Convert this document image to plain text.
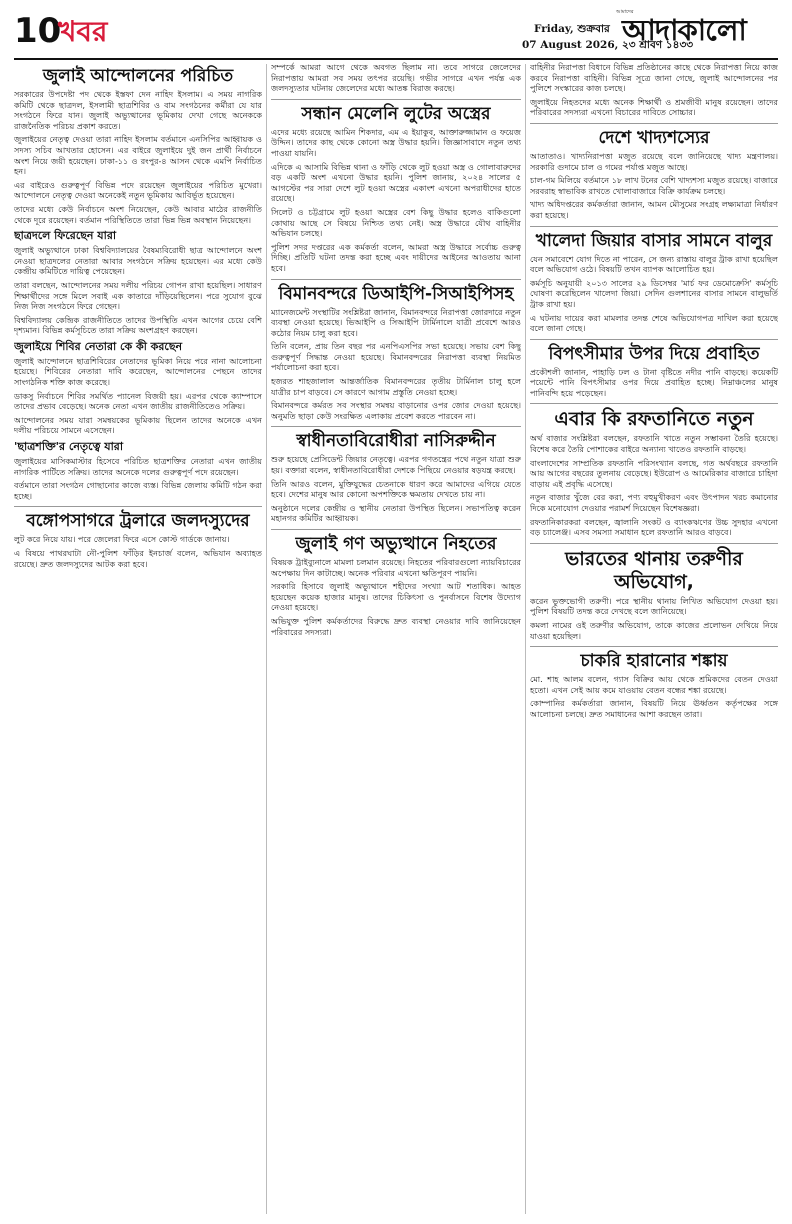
10
খবর	Friday, শুক্রবার
07 August 2026, ২৩ শ্রাবণ ১৪৩৩
আমাদের
আদাকালো
জুলাই আন্দোলনের পরিচিত

সরকারের উপদেষ্টা পদ থেকে ইস্তফা দেন নাহিদ ইসলাম। এ সময় নাগরিক কমিটি থেকে ছাত্রদল, ইসলামী ছাত্রশিবির ও বাম সংগঠনের কর্মীরা যে যার সংগঠনে ফিরে যান। জুলাই অভ্যুত্থানের ভূমিকায় দেখা গেছে অনেককে রাজনৈতিক পরিচয় প্রকাশ করতে।

জুলাইয়ের নেতৃত্ব দেওয়া তারা নাহিদ ইসলাম বর্তমানে এনসিপির আহ্বায়ক ও সদস্য সচিব আখতার হোসেন। এর বাইরে জুলাইয়ে দুই জন প্রার্থী নির্বাচনে অংশ নিয়ে জয়ী হয়েছেন। ঢাকা-১১ ও রংপুর-৪ আসন থেকে এমপি নির্বাচিত হন।

এর বাইরেও গুরুত্বপূর্ণ বিভিন্ন পদে রয়েছেন জুলাইয়ের পরিচিত মুখেরা। আন্দোলনে নেতৃত্ব দেওয়া অনেকেই নতুন ভূমিকায় আবির্ভূত হয়েছেন।

তাদের মধ্যে কেউ নির্বাচনে অংশ নিয়েছেন, কেউ আবার মাঠের রাজনীতি থেকে দূরে রয়েছেন। বর্তমান পরিস্থিতিতে তারা ভিন্ন ভিন্ন অবস্থান নিয়েছেন।

ছাত্রদলে ফিরেছেন যারা

জুলাই অভ্যুত্থানে ঢাকা বিশ্ববিদ্যালয়ের বৈষম্যবিরোধী ছাত্র আন্দোলনে অংশ নেওয়া ছাত্রদলের নেতারা আবার সংগঠনে সক্রিয় হয়েছেন। এর মধ্যে কেউ কেন্দ্রীয় কমিটিতে দায়িত্ব পেয়েছেন।

তারা বলছেন, আন্দোলনের সময় দলীয় পরিচয় গোপন রাখা হয়েছিল। সাধারণ শিক্ষার্থীদের সঙ্গে মিলে সবাই এক কাতারে দাঁড়িয়েছিলেন। পরে সুযোগ বুঝে নিজ নিজ সংগঠনে ফিরে গেছেন।

বিশ্ববিদ্যালয় কেন্দ্রিক রাজনীতিতে তাদের উপস্থিতি এখন আগের চেয়ে বেশি দৃশ্যমান। বিভিন্ন কর্মসূচিতে তারা সক্রিয় অংশগ্রহণ করছেন।

জুলাইয়ে শিবির নেতারা কে কী করছেন

জুলাই আন্দোলনে ছাত্রশিবিরের নেতাদের ভূমিকা নিয়ে পরে নানা আলোচনা হয়েছে। শিবিরের নেতারা দাবি করেছেন, আন্দোলনের পেছনে তাদের সাংগঠনিক শক্তি কাজ করেছে।

ডাকসু নির্বাচনে শিবির সমর্থিত প্যানেল বিজয়ী হয়। এরপর থেকে ক্যাম্পাসে তাদের প্রভাব বেড়েছে। অনেক নেতা এখন জাতীয় রাজনীতিতেও সক্রিয়।

আন্দোলনের সময় যারা সমন্বয়কের ভূমিকায় ছিলেন তাদের অনেকে এখন দলীয় পরিচয়ে সামনে এসেছেন।

'ছাত্রশক্তি'র নেতৃত্বে যারা

জুলাইয়ের মাসিকমাস্টার হিসেবে পরিচিত ছাত্রশক্তির নেতারা এখন জাতীয় নাগরিক পার্টিতে সক্রিয়। তাদের অনেকে দলের গুরুত্বপূর্ণ পদে রয়েছেন।

বর্তমানে তারা সংগঠন গোছানোর কাজে ব্যস্ত। বিভিন্ন জেলায় কমিটি গঠন করা হচ্ছে।

বঙ্গোপসাগরে ট্রলারে জলদস্যুদের

লুট করে নিয়ে যায়। পরে জেলেরা ফিরে এসে কোস্ট গার্ডকে জানায়।

এ বিষয়ে পাথরঘাটা নৌ-পুলিশ ফাঁড়ির ইনচার্জ বলেন, অভিযান অব্যাহত রয়েছে। দ্রুত জলদস্যুদের আটক করা হবে।

সম্পর্কে আমরা আগে থেকে অবগত ছিলাম না। তবে সাগরে জেলেদের নিরাপত্তায় আমরা সব সময় তৎপর রয়েছি। গভীর সাগরে এখন পর্যন্ত এক জলদস্যুতার ঘটনায় জেলেদের মধ্যে আতঙ্ক বিরাজ করছে।

সন্ধান মেলেনি লুটের অস্ত্রের

এদের মধ্যে রয়েছে আমিন শিকদার, এম এ ইয়াকুব, আক্তারুজ্জামান ও ফয়েজ উদ্দিন। তাদের কাছ থেকে কোনো অস্ত্র উদ্ধার হয়নি। জিজ্ঞাসাবাদে নতুন তথ্য পাওয়া যায়নি।

এদিকে এ আসামি বিভিন্ন থানা ও ফাঁড়ি থেকে লুট হওয়া অস্ত্র ও গোলাবারুদের বড় একটি অংশ এখনো উদ্ধার হয়নি। পুলিশ জানায়, ২০২৪ সালের ৫ আগস্টের পর সারা দেশে লুট হওয়া অস্ত্রের একাংশ এখনো অপরাধীদের হাতে রয়েছে।

সিলেট ও চট্টগ্রামে লুট হওয়া অস্ত্রের বেশ কিছু উদ্ধার হলেও বাকিগুলো কোথায় আছে সে বিষয়ে নিশ্চিত তথ্য নেই। অস্ত্র উদ্ধারে যৌথ বাহিনীর অভিযান চলছে।

পুলিশ সদর দপ্তরের এক কর্মকর্তা বলেন, আমরা অস্ত্র উদ্ধারে সর্বোচ্চ গুরুত্ব দিচ্ছি। প্রতিটি ঘটনা তদন্ত করা হচ্ছে এবং দায়ীদের আইনের আওতায় আনা হবে।

বিমানবন্দরে ডিআইপি-সিআইপিসহ

ম্যানেজমেন্ট সংস্থাটির সংশ্লিষ্টরা জানান, বিমানবন্দরে নিরাপত্তা জোরদারে নতুন ব্যবস্থা নেওয়া হয়েছে। ভিআইপি ও সিআইপি টার্মিনালে যাত্রী প্রবেশে আরও কঠোর নিয়ম চালু করা হবে।

তিনি বলেন, প্রায় তিন বছর পর এনপিএসপির সভা হয়েছে। সভায় বেশ কিছু গুরুত্বপূর্ণ সিদ্ধান্ত নেওয়া হয়েছে। বিমানবন্দরের নিরাপত্তা ব্যবস্থা নিয়মিত পর্যালোচনা করা হবে।

হজরত শাহজালাল আন্তর্জাতিক বিমানবন্দরের তৃতীয় টার্মিনাল চালু হলে যাত্রীর চাপ বাড়বে। সে কারণে আগাম প্রস্তুতি নেওয়া হচ্ছে।

বিমানবন্দরে কর্মরত সব সংস্থার সমন্বয় বাড়ানোর ওপর জোর দেওয়া হয়েছে। অনুমতি ছাড়া কেউ সংরক্ষিত এলাকায় প্রবেশ করতে পারবেন না।

স্বাধীনতাবিরোধীরা নাসিরুদ্দীন

শুরু হয়েছে প্রেসিডেন্ট জিয়ার নেতৃত্বে। এরপর গণতন্ত্রের পথে নতুন যাত্রা শুরু হয়। বক্তারা বলেন, স্বাধীনতাবিরোধীরা দেশকে পিছিয়ে নেওয়ার ষড়যন্ত্র করছে।

তিনি আরও বলেন, মুক্তিযুদ্ধের চেতনাকে ধারণ করে আমাদের এগিয়ে যেতে হবে। দেশের মানুষ আর কোনো অপশক্তিকে ক্ষমতায় দেখতে চায় না।

অনুষ্ঠানে দলের কেন্দ্রীয় ও স্থানীয় নেতারা উপস্থিত ছিলেন। সভাপতিত্ব করেন মহানগর কমিটির আহ্বায়ক।

জুলাই গণ অভ্যুত্থানে নিহতের

বিষয়ক ট্রাইব্যুনালে মামলা চলমান রয়েছে। নিহতের পরিবারগুলো ন্যায়বিচারের অপেক্ষায় দিন কাটাচ্ছে। অনেক পরিবার এখনো ক্ষতিপূরণ পায়নি।

সরকারি হিসাবে জুলাই অভ্যুত্থানে শহীদের সংখ্যা আট শতাধিক। আহত হয়েছেন কয়েক হাজার মানুষ। তাদের চিকিৎসা ও পুনর্বাসনে বিশেষ উদ্যোগ নেওয়া হয়েছে।

অভিযুক্ত পুলিশ কর্মকর্তাদের বিরুদ্ধে দ্রুত ব্যবস্থা নেওয়ার দাবি জানিয়েছেন পরিবারের সদস্যরা।

বাহিনীর নিরাপত্তা বিধানে বিভিন্ন প্রতিষ্ঠানের কাছে থেকে নিরাপত্তা নিয়ে কাজ করবে নিরাপত্তা বাহিনী। বিভিন্ন সূত্রে জানা গেছে, জুলাই আন্দোলনের পর পুলিশে সংস্কারের কাজ চলছে।

জুলাইয়ে নিহতদের মধ্যে অনেক শিক্ষার্থী ও শ্রমজীবী মানুষ রয়েছেন। তাদের পরিবারের সদস্যরা এখনো বিচারের দাবিতে সোচ্চার।

দেশে খাদ্যশস্যের

আতাতাও। খাদ্যনিরাপত্তা মজুত রয়েছে বলে জানিয়েছে খাদ্য মন্ত্রণালয়। সরকারি গুদামে চাল ও গমের পর্যাপ্ত মজুত আছে।

চাল-গম মিলিয়ে বর্তমানে ১৮ লাখ টনের বেশি খাদ্যশস্য মজুত রয়েছে। বাজারে সরবরাহ স্বাভাবিক রাখতে খোলাবাজারে বিক্রি কার্যক্রম চলছে।

খাদ্য অধিদপ্তরের কর্মকর্তারা জানান, আমন মৌসুমের সংগ্রহ লক্ষ্যমাত্রা নির্ধারণ করা হয়েছে।

খালেদা জিয়ার বাসার সামনে বালুর

যেন সমাবেশে যোগ দিতে না পারেন, সে জন্য রাস্তায় বালুর ট্রাক রাখা হয়েছিল বলে অভিযোগ ওঠে। বিষয়টি তখন ব্যাপক আলোচিত হয়।

কর্মসূচি অনুযায়ী ২০১৩ সালের ২৯ ডিসেম্বর 'মার্চ ফর ডেমোক্রেসি' কর্মসূচি ঘোষণা করেছিলেন খালেদা জিয়া। সেদিন গুলশানের বাসার সামনে বালুভর্তি ট্রাক রাখা হয়।

এ ঘটনায় দায়ের করা মামলার তদন্ত শেষে অভিযোগপত্র দাখিল করা হয়েছে বলে জানা গেছে।

বিপৎসীমার উপর দিয়ে প্রবাহিত

প্রকৌশলী জানান, পাহাড়ি ঢল ও টানা বৃষ্টিতে নদীর পানি বাড়ছে। কয়েকটি পয়েন্টে পানি বিপৎসীমার ওপর দিয়ে প্রবাহিত হচ্ছে। নিম্নাঞ্চলের মানুষ পানিবন্দি হয়ে পড়েছেন।

এবার কি রফতানিতে নতুন

অর্থ বাজার সংশ্লিষ্টরা বলছেন, রফতানি খাতে নতুন সম্ভাবনা তৈরি হয়েছে। বিশেষ করে তৈরি পোশাকের বাইরে অন্যান্য খাতেও রফতানি বাড়ছে।

বাংলাদেশের সাম্প্রতিক রফতানি পরিসংখ্যান বলছে, গত অর্থবছরে রফতানি আয় আগের বছরের তুলনায় বেড়েছে। ইউরোপ ও আমেরিকার বাজারে চাহিদা বাড়ায় এই প্রবৃদ্ধি এসেছে।

নতুন বাজার খুঁজে বের করা, পণ্য বহুমুখীকরণ এবং উৎপাদন খরচ কমানোর দিকে মনোযোগ দেওয়ার পরামর্শ দিয়েছেন বিশেষজ্ঞরা।

রফতানিকারকরা বলছেন, জ্বালানি সংকট ও ব্যাংকঋণের উচ্চ সুদহার এখনো বড় চ্যালেঞ্জ। এসব সমস্যা সমাধান হলে রফতানি আরও বাড়বে।

ভারতের থানায় তরুণীর অভিযোগ,

করেন ভুক্তভোগী তরুণী। পরে স্থানীয় থানায় লিখিত অভিযোগ দেওয়া হয়। পুলিশ বিষয়টি তদন্ত করে দেখছে বলে জানিয়েছে।

কমলা নামের ওই তরুণীর অভিযোগ, তাকে কাজের প্রলোভন দেখিয়ে নিয়ে যাওয়া হয়েছিল।

চাকরি হারানোর শঙ্কায়

মো. শাহ আলম বলেন, গ্যাস বিক্রির আয় থেকে শ্রমিকদের বেতন দেওয়া হতো। এখন সেই আয় কমে যাওয়ায় বেতন বন্ধের শঙ্কা রয়েছে।

কোম্পানির কর্মকর্তারা জানান, বিষয়টি নিয়ে ঊর্ধ্বতন কর্তৃপক্ষের সঙ্গে আলোচনা চলছে। দ্রুত সমাধানের আশা করছেন তারা।
